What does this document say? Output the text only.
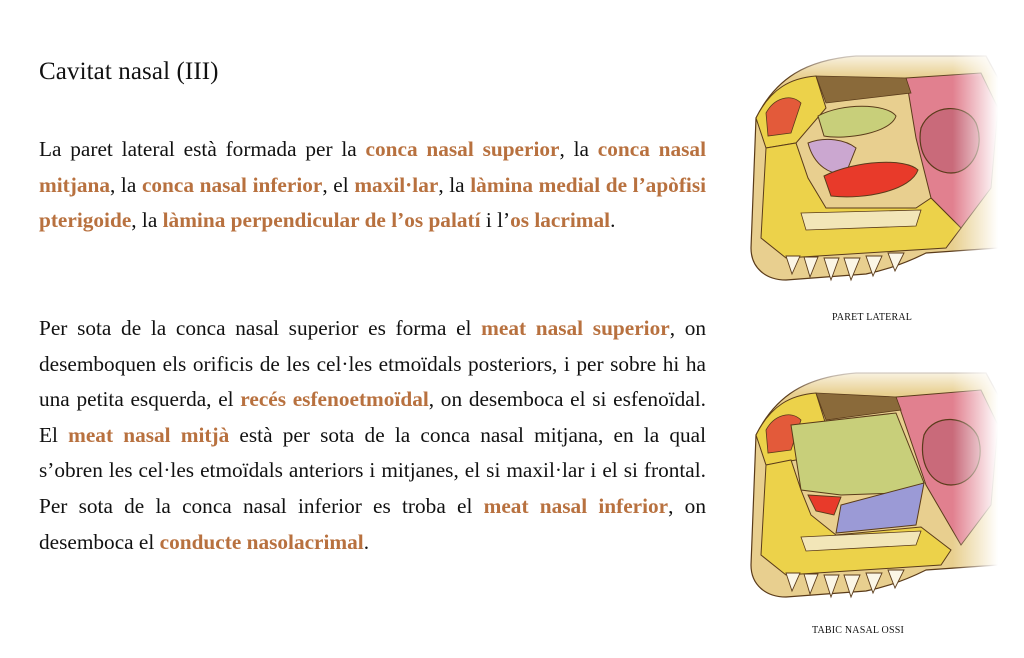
Cavitat nasal (III)

La paret lateral està formada per la conca nasal superior, la conca nasal mitjana, la conca nasal inferior, el maxil·lar, la làmina medial de l’apòfisi pterigoide, la làmina perpendicular de l’os palatí i l’os lacrimal.

Per sota de la conca nasal superior es forma el meat nasal superior, on desemboquen els orificis de les cel·les etmoïdals posteriors, i per sobre hi ha una petita esquerda, el recés esfenoetmoïdal, on desemboca el si esfenoïdal. El meat nasal mitjà està per sota de la conca nasal mitjana, en la qual s’obren les cel·les etmoïdals anteriors i mitjanes, el si maxil·lar i el si frontal. Per sota de la conca nasal inferior es troba el meat nasal inferior, on desemboca el conducte nasolacrimal.

PARET LATERAL
TABIC NASAL OSSI
